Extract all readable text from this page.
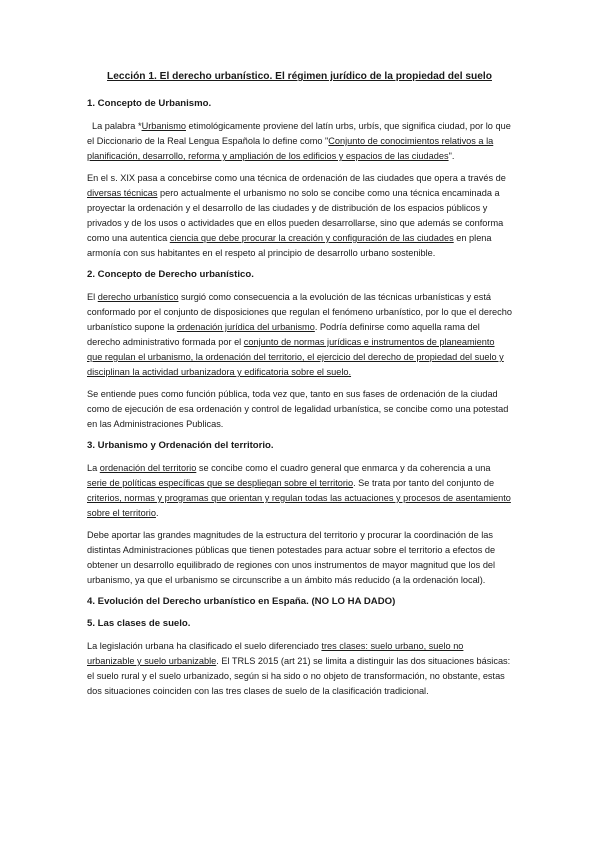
Lección 1. El derecho urbanístico. El régimen jurídico de la propiedad del suelo
1. Concepto de Urbanismo.

La palabra *Urbanismo etimológicamente proviene del latín urbs, urbís, que significa ciudad, por lo que el Diccionario de la Real Lengua Española lo define como "Conjunto de conocimientos relativos a la planificación, desarrollo, reforma y ampliación de los edificios y espacios de las ciudades".

En el s. XIX pasa a concebirse como una técnica de ordenación de las ciudades que opera a través de diversas técnicas pero actualmente el urbanismo no solo se concibe como una técnica encaminada a proyectar la ordenación y el desarrollo de las ciudades y de distribución de los espacios públicos y privados y de los usos o actividades que en ellos pueden desarrollarse, sino que además se conforma como una autentica ciencia que debe procurar la creación y configuración de las ciudades en plena armonía con sus habitantes en el respeto al principio de desarrollo urbano sostenible.

2. Concepto de Derecho urbanístico.

El derecho urbanístico surgió como consecuencia a la evolución de las técnicas urbanísticas y está conformado por el conjunto de disposiciones que regulan el fenómeno urbanístico, por lo que el derecho urbanístico supone la ordenación jurídica del urbanismo. Podría definirse como aquella rama del derecho administrativo formada por el conjunto de normas jurídicas e instrumentos de planeamiento que regulan el urbanismo, la ordenación del territorio, el ejercicio del derecho de propiedad del suelo y disciplinan la actividad urbanizadora y edificatoria sobre el suelo.

Se entiende pues como función pública, toda vez que, tanto en sus fases de ordenación de la ciudad como de ejecución de esa ordenación y control de legalidad urbanística, se concibe como una potestad en las Administraciones Publicas.

3. Urbanismo y Ordenación del territorio.

La ordenación del territorio se concibe como el cuadro general que enmarca y da coherencia a una serie de políticas específicas que se despliegan sobre el territorio. Se trata por tanto del conjunto de criterios, normas y programas que orientan y regulan todas las actuaciones y procesos de asentamiento sobre el territorio.

Debe aportar las grandes magnitudes de la estructura del territorio y procurar la coordinación de las distintas Administraciones públicas que tienen potestades para actuar sobre el territorio a efectos de obtener un desarrollo equilibrado de regiones con unos instrumentos de mayor magnitud que los del urbanismo, ya que el urbanismo se circunscribe a un ámbito más reducido (a la ordenación local).

4. Evolución del Derecho urbanístico en España. (NO LO HA DADO)
5. Las clases de suelo.

La legislación urbana ha clasificado el suelo diferenciado tres clases: suelo urbano, suelo no urbanizable y suelo urbanizable. El TRLS 2015 (art 21) se limita a distinguir las dos situaciones básicas: el suelo rural y el suelo urbanizado, según si ha sido o no objeto de transformación, no obstante, estas dos situaciones coinciden con las tres clases de suelo de la clasificación tradicional.
